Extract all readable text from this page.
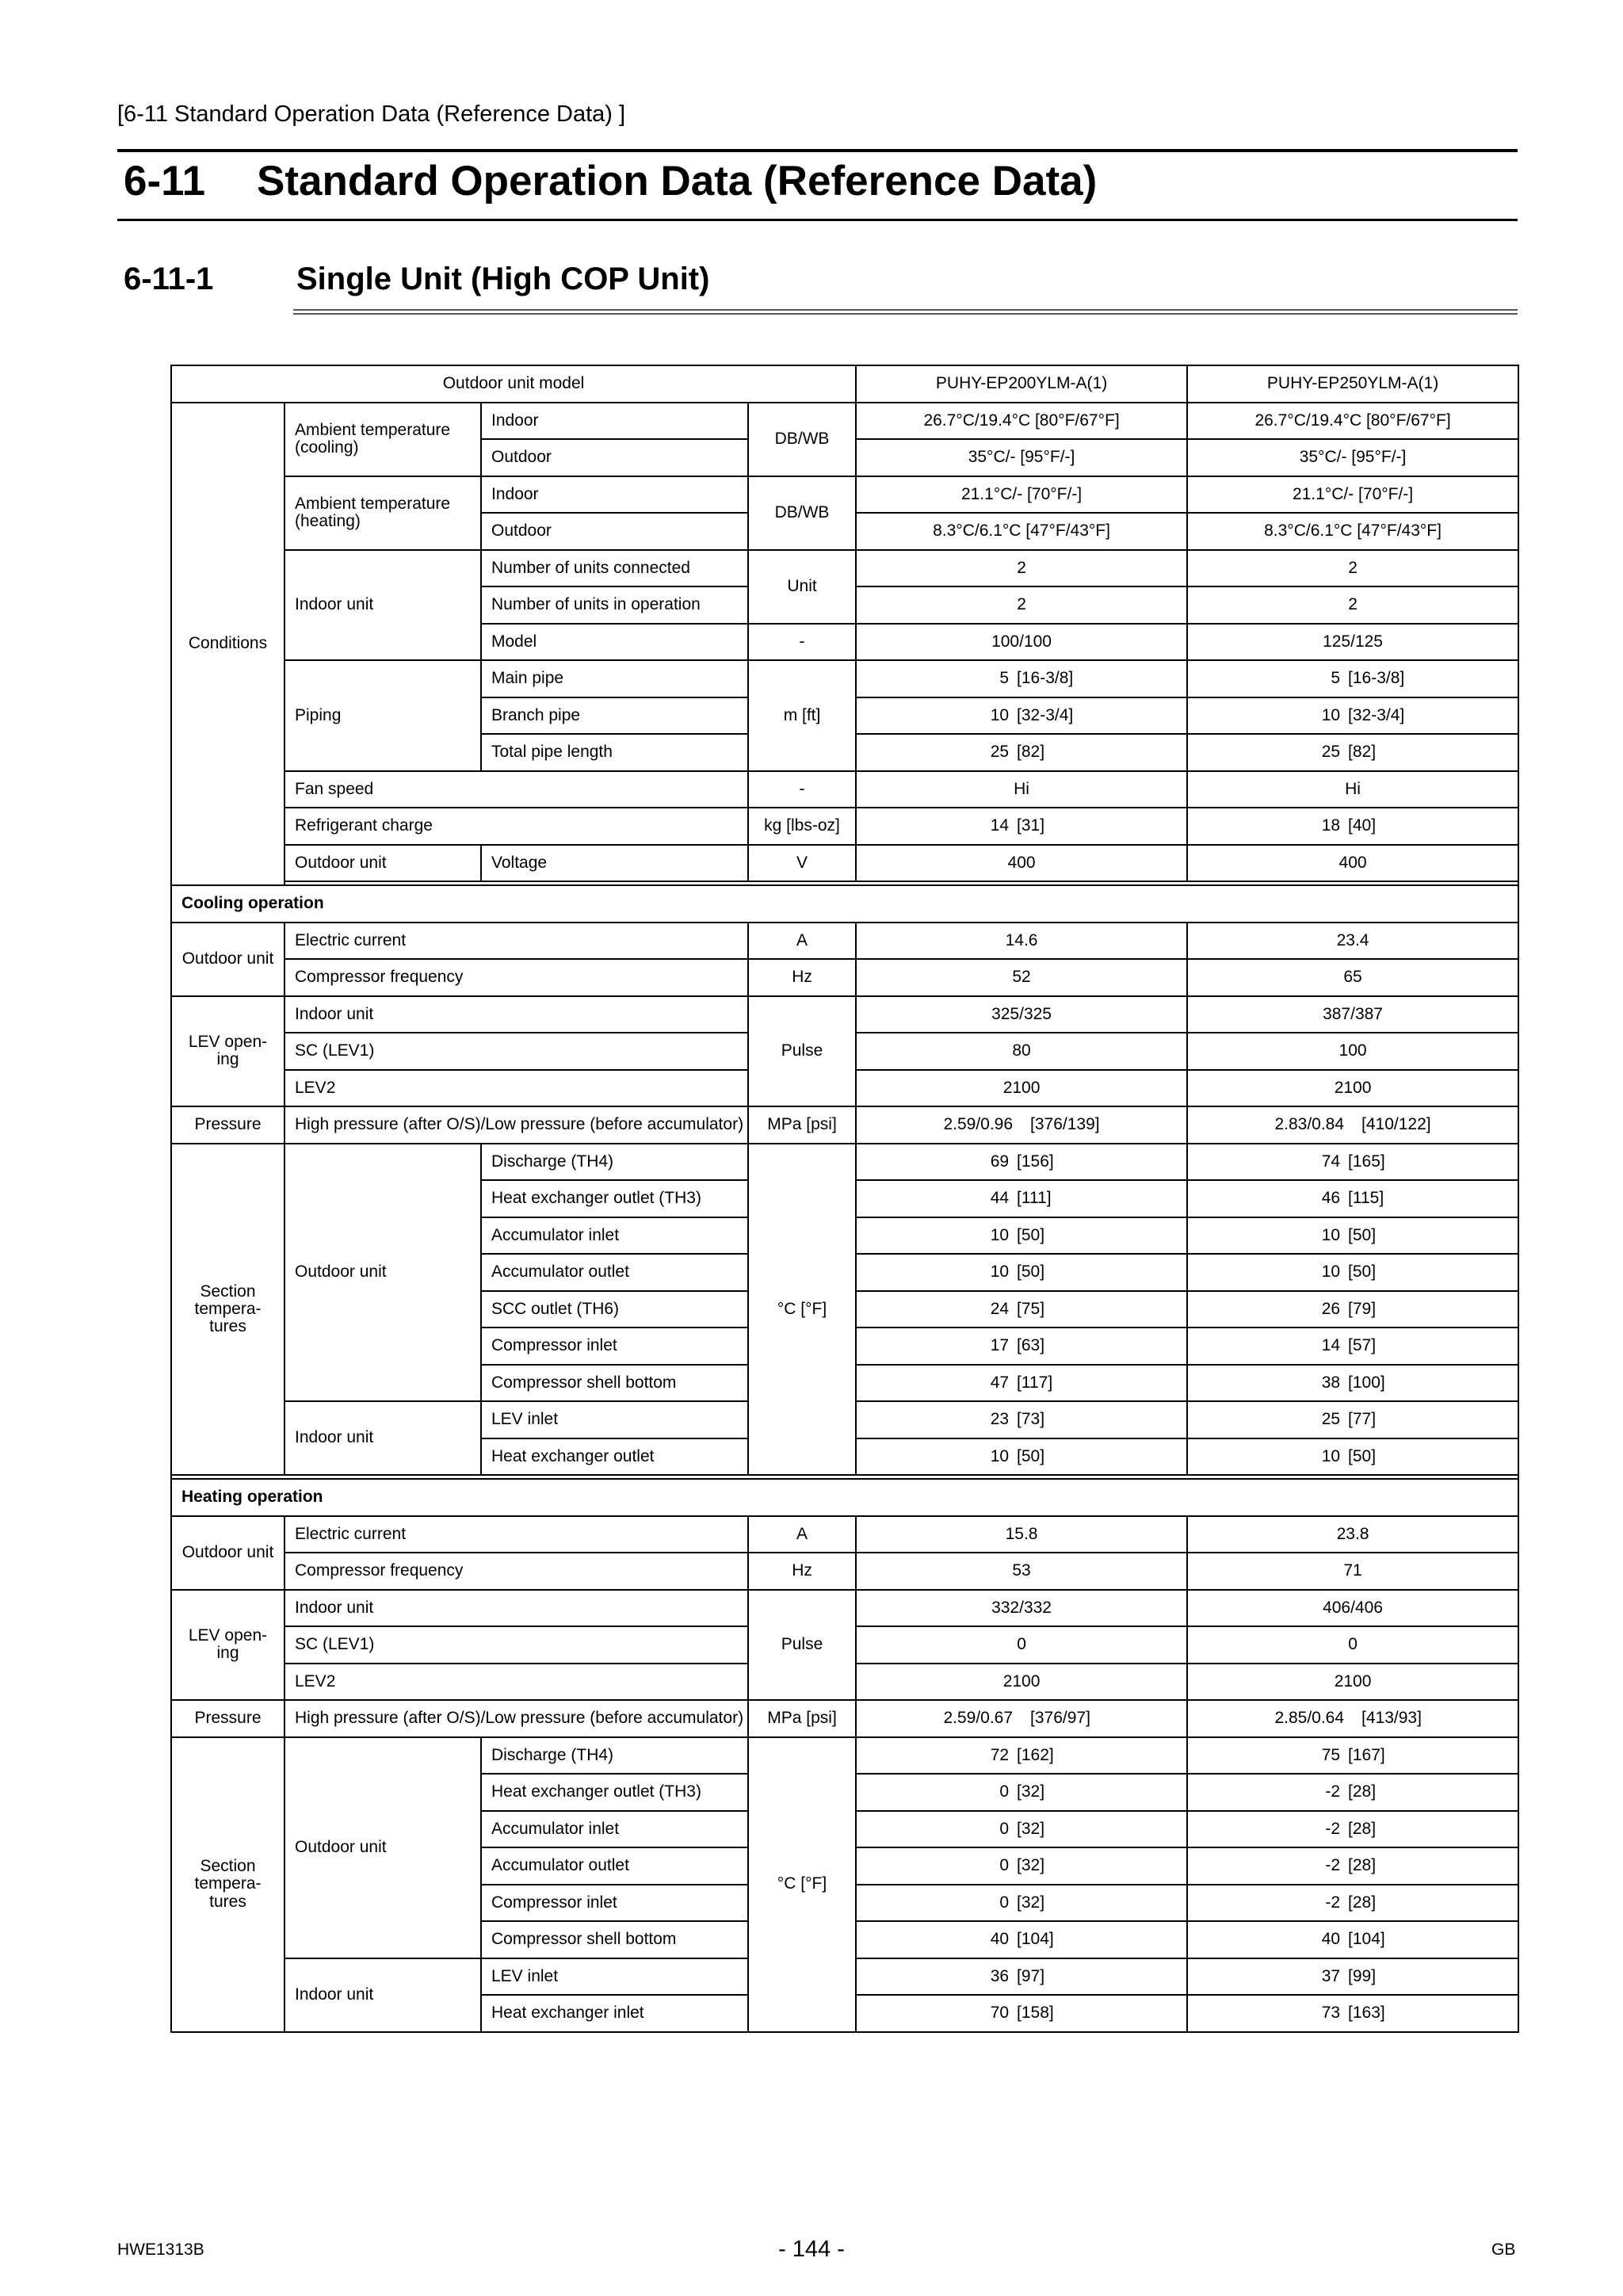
[6-11 Standard Operation Data (Reference Data) ]
6-11 Standard Operation Data (Reference Data)
6-11-1	Single Unit (High COP Unit)
Outdoor unit model				PUHY-EP200YLM-A(1)	PUHY-EP250YLM-A(1)
Conditions	Ambient temperature (cooling)	Indoor	DB/WB	26.7°C/19.4°C [80°F/67°F]	26.7°C/19.4°C [80°F/67°F]
		Outdoor		35°C/- [95°F/-]	35°C/- [95°F/-]
	Ambient temperature (heating)	Indoor	DB/WB	21.1°C/- [70°F/-]	21.1°C/- [70°F/-]
		Outdoor		8.3°C/6.1°C [47°F/43°F]	8.3°C/6.1°C [47°F/43°F]
	Indoor unit	Number of units connected	Unit	2	2
		Number of units in operation		2	2
		Model	-	100/100	125/125
	Piping	Main pipe	m [ft]	5 [16-3/8]	5 [16-3/8]
		Branch pipe		10 [32-3/4]	10 [32-3/4]
		Total pipe length		25 [82]	25 [82]
	Fan speed		-	Hi	Hi
	Refrigerant charge		kg [lbs-oz]	14 [31]	18 [40]
	Outdoor unit	Voltage	V	400	400

Cooling operation					
Outdoor unit	Electric current		A	14.6	23.4
	Compressor frequency		Hz	52	65
LEV open-ing	Indoor unit		Pulse	325/325	387/387
	SC (LEV1)			80	100
	LEV2			2100	2100
Pressure	High pressure (after O/S)/Low pressure (before accumulator)		MPa [psi]	2.59/0.96 [376/139]	2.83/0.84 [410/122]
Section tempera-tures	Outdoor unit	Discharge (TH4)	°C [°F]	69 [156]	74 [165]
		Heat exchanger outlet (TH3)		44 [111]	46 [115]
		Accumulator inlet		10 [50]	10 [50]
		Accumulator outlet		10 [50]	10 [50]
		SCC outlet (TH6)		24 [75]	26 [79]
		Compressor inlet		17 [63]	14 [57]
		Compressor shell bottom		47 [117]	38 [100]
	Indoor unit	LEV inlet		23 [73]	25 [77]
		Heat exchanger outlet		10 [50]	10 [50]

Heating operation					
Outdoor unit	Electric current		A	15.8	23.8
	Compressor frequency		Hz	53	71
LEV open-ing	Indoor unit		Pulse	332/332	406/406
	SC (LEV1)			0	0
	LEV2			2100	2100
Pressure	High pressure (after O/S)/Low pressure (before accumulator)		MPa [psi]	2.59/0.67 [376/97]	2.85/0.64 [413/93]
Section tempera-tures	Outdoor unit	Discharge (TH4)	°C [°F]	72 [162]	75 [167]
		Heat exchanger outlet (TH3)		0 [32]	-2 [28]
		Accumulator inlet		0 [32]	-2 [28]
		Accumulator outlet		0 [32]	-2 [28]
		Compressor inlet		0 [32]	-2 [28]
		Compressor shell bottom		40 [104]	40 [104]
	Indoor unit	LEV inlet		36 [97]	37 [99]
		Heat exchanger inlet		70 [158]	73 [163]
HWE1313B	- 144 -	GB
